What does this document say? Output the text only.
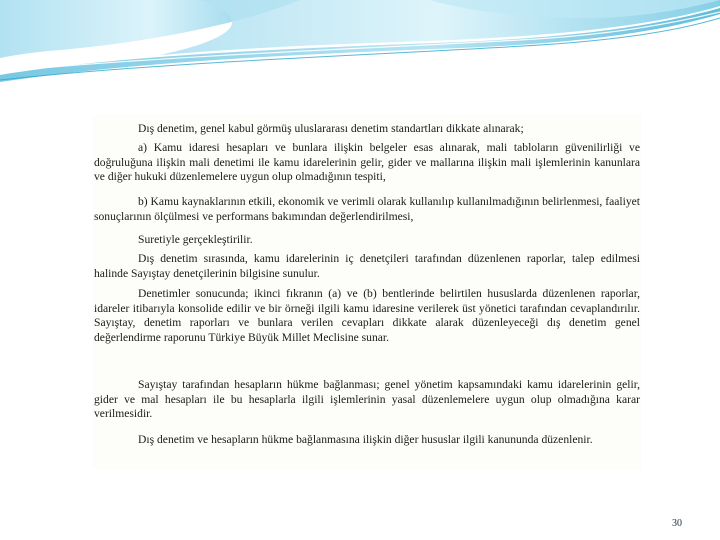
Dış denetim, genel kabul görmüş uluslararası denetim standartları dikkate alınarak;

a) Kamu idaresi hesapları ve bunlara ilişkin belgeler esas alınarak, mali tabloların güvenilirliği ve doğruluğuna ilişkin mali denetimi ile kamu idarelerinin gelir, gider ve mallarına ilişkin mali işlemlerinin kanunlara ve diğer hukuki düzenlemelere uygun olup olmadığının tespiti,

b) Kamu kaynaklarının etkili, ekonomik ve verimli olarak kullanılıp kullanılmadığının belirlenmesi, faaliyet sonuçlarının ölçülmesi ve performans bakımından değerlendirilmesi,

Suretiyle gerçekleştirilir.

Dış denetim sırasında, kamu idarelerinin iç denetçileri tarafından düzenlenen raporlar, talep edilmesi halinde Sayıştay denetçilerinin bilgisine sunulur.

Denetimler sonucunda; ikinci fıkranın (a) ve (b) bentlerinde belirtilen hususlarda düzenlenen raporlar, idareler itibarıyla konsolide edilir ve bir örneği ilgili kamu idaresine verilerek üst yönetici tarafından cevaplandırılır. Sayıştay, denetim raporları ve bunlara verilen cevapları dikkate alarak düzenleyeceği dış denetim genel değerlendirme raporunu Türkiye Büyük Millet Meclisine sunar.

Sayıştay tarafından hesapların hükme bağlanması; genel yönetim kapsamındaki kamu idarelerinin gelir, gider ve mal hesapları ile bu hesaplarla ilgili işlemlerinin yasal düzenlemelere uygun olup olmadığına karar verilmesidir.

Dış denetim ve hesapların hükme bağlanmasına ilişkin diğer hususlar ilgili kanununda düzenlenir.

30
